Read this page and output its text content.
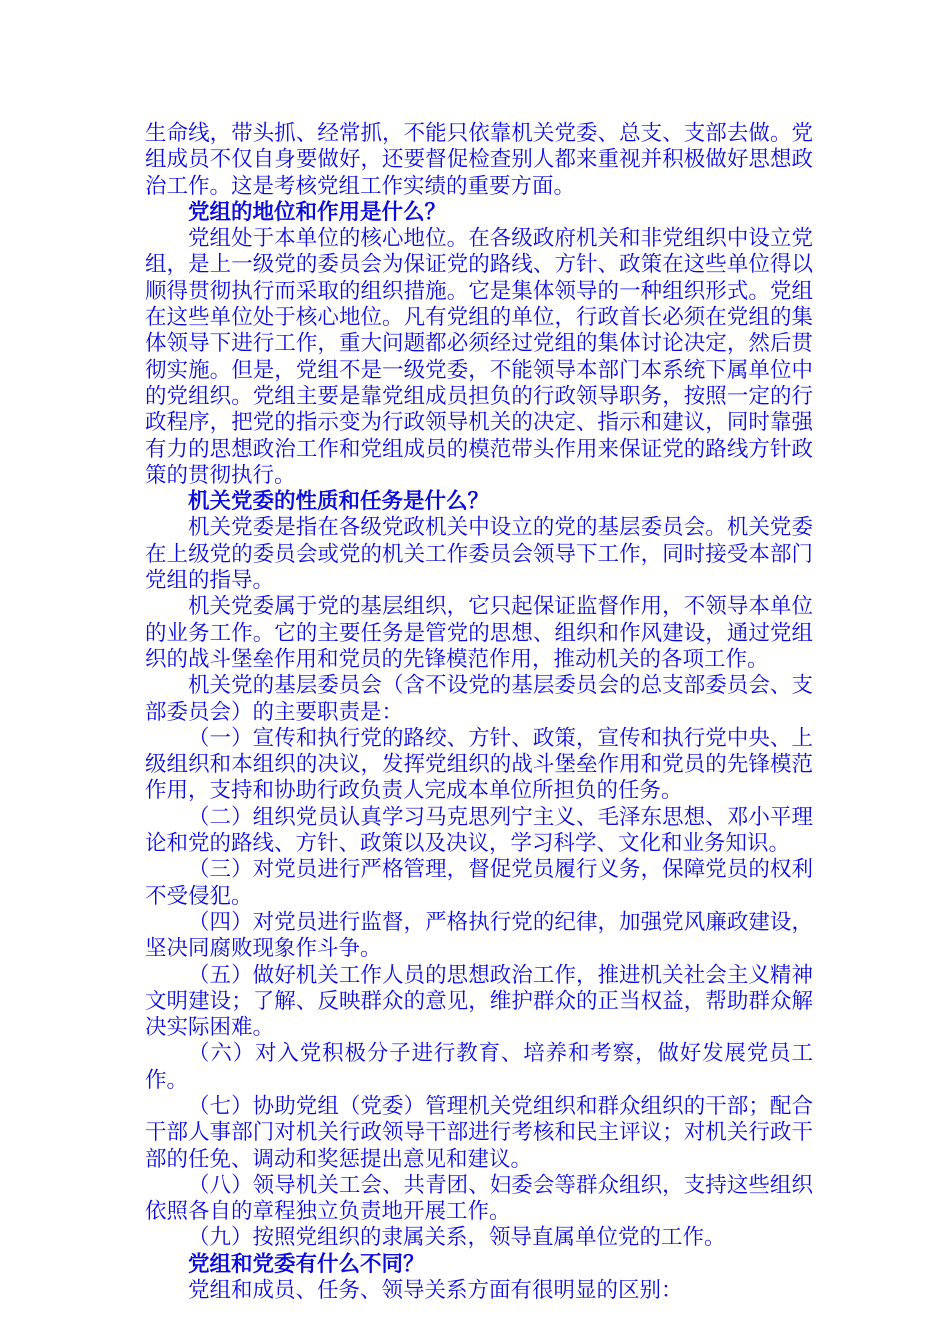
生命线，带头抓、经常抓，不能只依靠机关党委、总支、支部去做。党组成员不仅自身要做好，还要督促检查别人都来重视并积极做好思想政治工作。这是考核党组工作实绩的重要方面。

党组的地位和作用是什么？

党组处于本单位的核心地位。在各级政府机关和非党组织中设立党组，是上一级党的委员会为保证党的路线、方针、政策在这些单位得以顺得贯彻执行而采取的组织措施。它是集体领导的一种组织形式。党组在这些单位处于核心地位。凡有党组的单位，行政首长必须在党组的集体领导下进行工作，重大问题都必须经过党组的集体讨论决定，然后贯彻实施。但是，党组不是一级党委，不能领导本部门本系统下属单位中的党组织。党组主要是靠党组成员担负的行政领导职务，按照一定的行政程序，把党的指示变为行政领导机关的决定、指示和建议，同时靠强有力的思想政治工作和党组成员的模范带头作用来保证党的路线方针政策的贯彻执行。

机关党委的性质和任务是什么？

机关党委是指在各级党政机关中设立的党的基层委员会。机关党委在上级党的委员会或党的机关工作委员会领导下工作，同时接受本部门党组的指导。

机关党委属于党的基层组织，它只起保证监督作用，不领导本单位的业务工作。它的主要任务是管党的思想、组织和作风建设，通过党组织的战斗堡垒作用和党员的先锋模范作用，推动机关的各项工作。

机关党的基层委员会（含不设党的基层委员会的总支部委员会、支部委员会）的主要职责是：

（一）宣传和执行党的路绞、方针、政策，宣传和执行党中央、上级组织和本组织的决议，发挥党组织的战斗堡垒作用和党员的先锋模范作用，支持和协助行政负责人完成本单位所担负的任务。

（二）组织党员认真学习马克思列宁主义、毛泽东思想、邓小平理论和党的路线、方针、政策以及决议，学习科学、文化和业务知识。

（三）对党员进行严格管理，督促党员履行义务，保障党员的权利不受侵犯。

（四）对党员进行监督，严格执行党的纪律，加强党风廉政建设，坚决同腐败现象作斗争。

（五）做好机关工作人员的思想政治工作，推进机关社会主义精神文明建设；了解、反映群众的意见，维护群众的正当权益，帮助群众解决实际困难。

（六）对入党积极分子进行教育、培养和考察，做好发展党员工作。

（七）协助党组（党委）管理机关党组织和群众组织的干部；配合干部人事部门对机关行政领导干部进行考核和民主评议；对机关行政干部的任免、调动和奖惩提出意见和建议。

（八）领导机关工会、共青团、妇委会等群众组织，支持这些组织依照各自的章程独立负责地开展工作。

（九）按照党组织的隶属关系，领导直属单位党的工作。

党组和党委有什么不同？

党组和成员、任务、领导关系方面有很明显的区别：
